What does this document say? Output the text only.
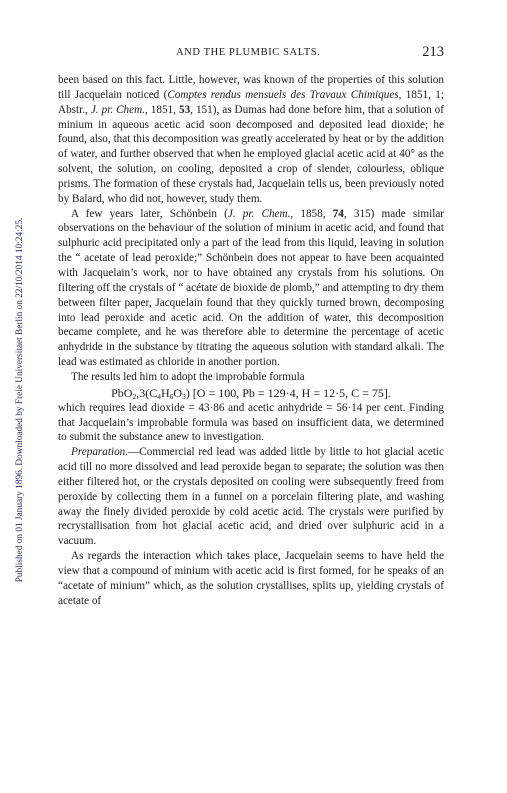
Published on 01 January 1896. Downloaded by Freie Universitaet Berlin on 22/10/2014 10:24:25.
AND THE PLUMBIC SALTS.	213

been based on this fact. Little, however, was known of the properties of this solution till Jacquelain noticed (Comptes rendus mensuels des Travaux Chimiques, 1851, 1; Abstr., J. pr. Chem., 1851, 53, 151), as Dumas had done before him, that a solution of minium in aqueous acetic acid soon decomposed and deposited lead dioxide; he found, also, that this decomposition was greatly accelerated by heat or by the addition of water, and further observed that when he employed glacial acetic acid at 40° as the solvent, the solution, on cooling, deposited a crop of slender, colourless, oblique prisms. The formation of these crystals had, Jacquelain tells us, been previously noted by Balard, who did not, however, study them.

A few years later, Schönbein (J. pr. Chem., 1858, 74, 315) made similar observations on the behaviour of the solution of minium in acetic acid, and found that sulphuric acid precipitated only a part of the lead from this liquid, leaving in solution the “ acetate of lead peroxide;” Schönbein does not appear to have been acquainted with Jacquelain’s work, nor to have obtained any crystals from his solutions. On filtering off the crystals of “ acétate de bioxide de plomb,” and attempting to dry them between filter paper, Jacquelain found that they quickly turned brown, decomposing into lead peroxide and acetic acid. On the addition of water, this decomposition became complete, and he was therefore able to determine the percentage of acetic anhydride in the substance by titrating the aqueous solution with standard alkali. The lead was estimated as chloride in another portion.

The results led him to adopt the improbable formula

$PbO_2,3(C_4H_6O_3) [O = 100$, Pb = 129·4, H = 12·5, C = 75].

which requires lead dioxide = 43·86 and acetic anhydride = 56·14 per cent. Finding that Jacquelain’s improbable formula was based on insufficient data, we determined to submit the substance anew to investigation.

Preparation.—Commercial red lead was added little by little to hot glacial acetic acid till no more dissolved and lead peroxide began to separate; the solution was then either filtered hot, or the crystals deposited on cooling were subsequently freed from peroxide by collecting them in a funnel on a porcelain filtering plate, and washing away the finely divided peroxide by cold acetic acid. The crystals were purified by recrystallisation from hot glacial acetic acid, and dried over sulphuric acid in a vacuum.

As regards the interaction which takes place, Jacquelain seems to have held the view that a compound of minium with acetic acid is first formed, for he speaks of an “acetate of minium” which, as the solution crystallises, splits up, yielding crystals of acetate of
